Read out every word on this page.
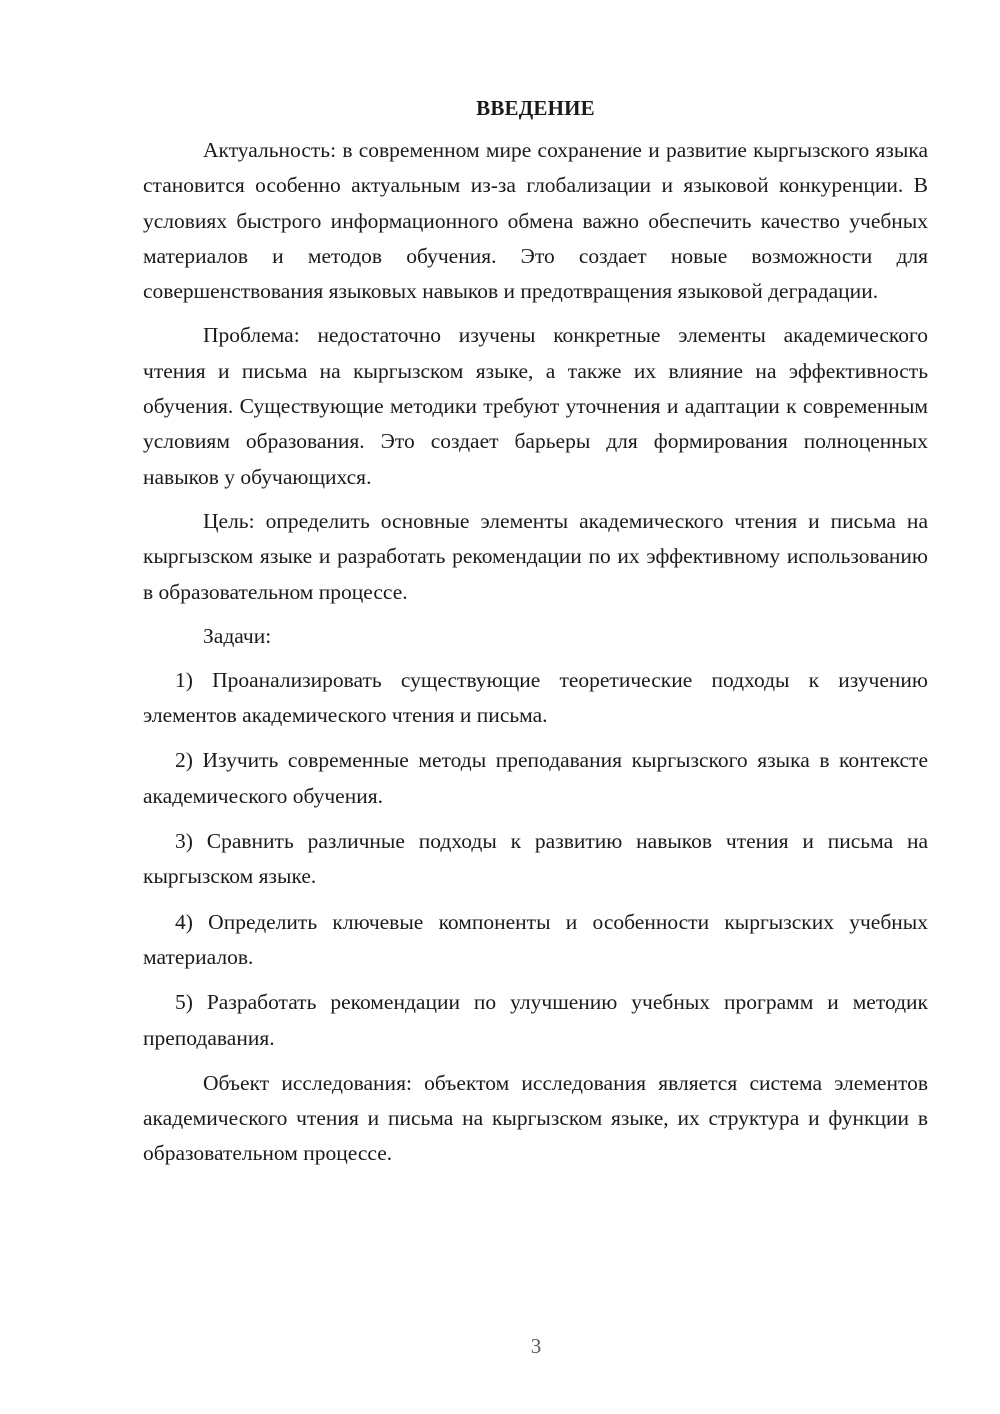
ВВЕДЕНИЕ

Актуальность: в современном мире сохранение и развитие кыргызского языка становится особенно актуальным из-за глобализации и языковой конкуренции. В условиях быстрого информационного обмена важно обеспечить качество учебных материалов и методов обучения. Это создает новые возможности для совершенствования языковых навыков и предотвращения языковой деградации.

Проблема: недостаточно изучены конкретные элементы академического чтения и письма на кыргызском языке, а также их влияние на эффективность обучения. Существующие методики требуют уточнения и адаптации к современным условиям образования. Это создает барьеры для формирования полноценных навыков у обучающихся.

Цель: определить основные элементы академического чтения и письма на кыргызском языке и разработать рекомендации по их эффективному использованию в образовательном процессе.

Задачи:

1) Проанализировать существующие теоретические подходы к изучению элементов академического чтения и письма.

2) Изучить современные методы преподавания кыргызского языка в контексте академического обучения.

3) Сравнить различные подходы к развитию навыков чтения и письма на кыргызском языке.

4) Определить ключевые компоненты и особенности кыргызских учебных материалов.

5) Разработать рекомендации по улучшению учебных программ и методик преподавания.

Объект исследования: объектом исследования является система элементов академического чтения и письма на кыргызском языке, их структура и функции в образовательном процессе.

3
